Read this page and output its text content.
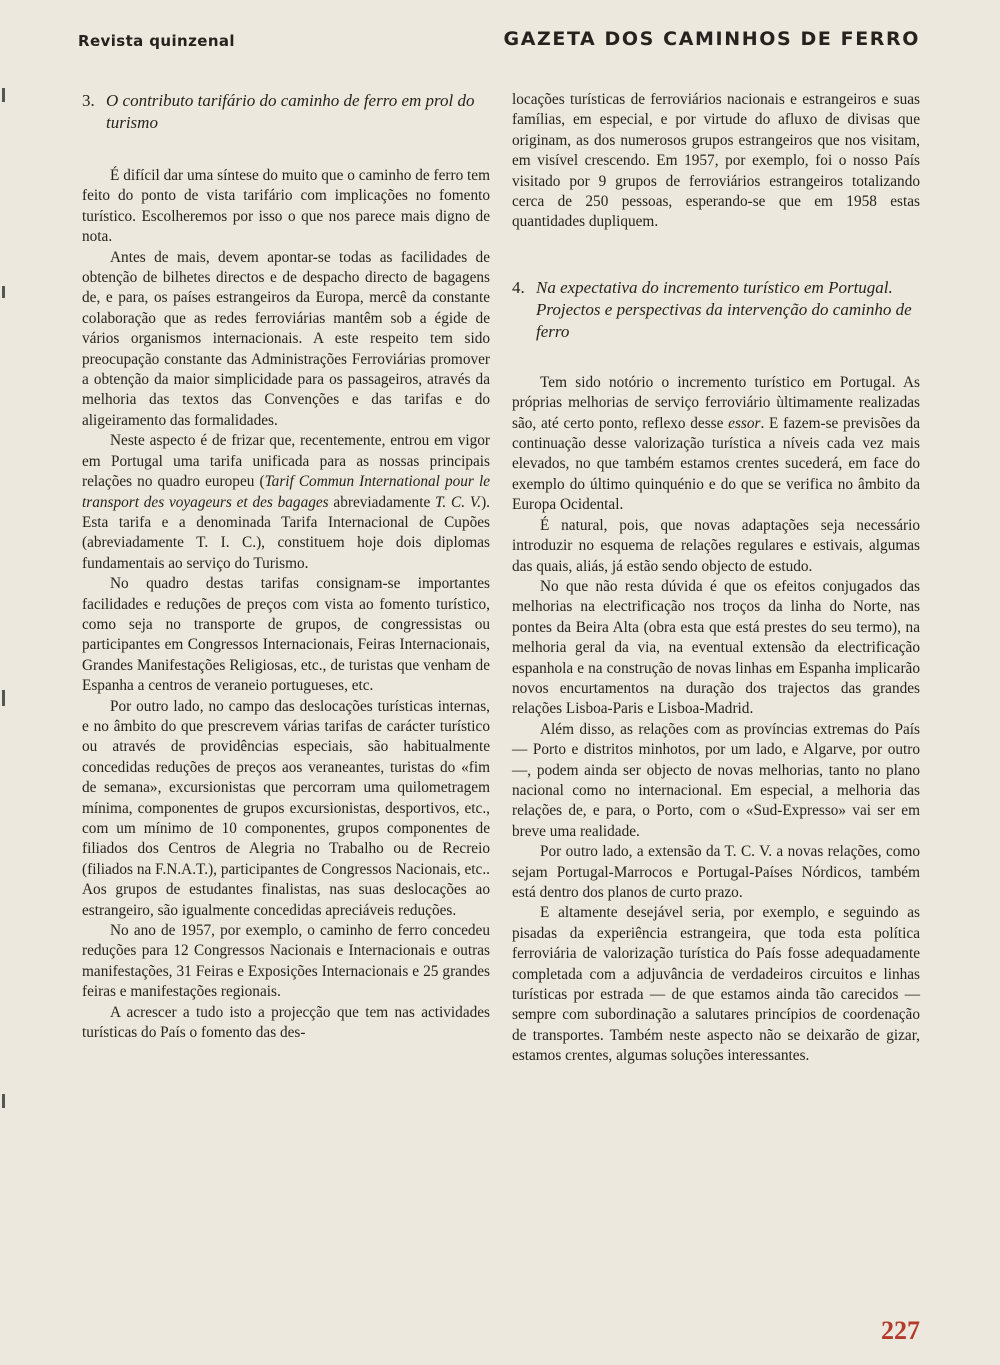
Revista quinzenal	GAZETA DOS CAMINHOS DE FERRO
3. O contributo tarifário do caminho de ferro em prol do turismo

É difícil dar uma síntese do muito que o caminho de ferro tem feito do ponto de vista tarifário com implicações no fomento turístico. Escolheremos por isso o que nos parece mais digno de nota.

Antes de mais, devem apontar-se todas as facilidades de obtenção de bilhetes directos e de despacho directo de bagagens de, e para, os países estrangeiros da Europa, mercê da constante colaboração que as redes ferroviárias mantêm sob a égide de vários organismos internacionais. A este respeito tem sido preocupação constante das Administrações Ferroviárias promover a obtenção da maior simplicidade para os passageiros, através da melhoria das textos das Convenções e das tarifas e do aligeiramento das formalidades.

Neste aspecto é de frizar que, recentemente, entrou em vigor em Portugal uma tarifa unificada para as nossas principais relações no quadro europeu (Tarif Commun International pour le transport des voyageurs et des bagages abreviadamente T. C. V.). Esta tarifa e a denominada Tarifa Internacional de Cupões (abreviadamente T. I. C.), constituem hoje dois diplomas fundamentais ao serviço do Turismo.

No quadro destas tarifas consignam-se importantes facilidades e reduções de preços com vista ao fomento turístico, como seja no transporte de grupos, de congressistas ou participantes em Congressos Internacionais, Feiras Internacionais, Grandes Manifestações Religiosas, etc., de turistas que venham de Espanha a centros de veraneio portugueses, etc.

Por outro lado, no campo das deslocações turísticas internas, e no âmbito do que prescrevem várias tarifas de carácter turístico ou através de providências especiais, são habitualmente concedidas reduções de preços aos veraneantes, turistas do «fim de semana», excursionistas que percorram uma quilometragem mínima, componentes de grupos excursionistas, desportivos, etc., com um mínimo de 10 componentes, grupos componentes de filiados dos Centros de Alegria no Trabalho ou de Recreio (filiados na F.N.A.T.), participantes de Congressos Nacionais, etc.. Aos grupos de estudantes finalistas, nas suas deslocações ao estrangeiro, são igualmente concedidas apreciáveis reduções.

No ano de 1957, por exemplo, o caminho de ferro concedeu reduções para 12 Congressos Nacionais e Internacionais e outras manifestações, 31 Feiras e Exposições Internacionais e 25 grandes feiras e manifestações regionais.

A acrescer a tudo isto a projecção que tem nas actividades turísticas do País o fomento das des-

locações turísticas de ferroviários nacionais e estrangeiros e suas famílias, em especial, e por virtude do afluxo de divisas que originam, as dos numerosos grupos estrangeiros que nos visitam, em visível crescendo. Em 1957, por exemplo, foi o nosso País visitado por 9 grupos de ferroviários estrangeiros totalizando cerca de 250 pessoas, esperando-se que em 1958 estas quantidades dupliquem.

4. Na expectativa do incremento turístico em Portugal. Projectos e perspectivas da intervenção do caminho de ferro

Tem sido notório o incremento turístico em Portugal. As próprias melhorias de serviço ferroviário ùltimamente realizadas são, até certo ponto, reflexo desse essor. E fazem-se previsões da continuação desse valorização turística a níveis cada vez mais elevados, no que também estamos crentes sucederá, em face do exemplo do último quinquénio e do que se verifica no âmbito da Europa Ocidental.

É natural, pois, que novas adaptações seja necessário introduzir no esquema de relações regulares e estivais, algumas das quais, aliás, já estão sendo objecto de estudo.

No que não resta dúvida é que os efeitos conjugados das melhorias na electrificação nos troços da linha do Norte, nas pontes da Beira Alta (obra esta que está prestes do seu termo), na melhoria geral da via, na eventual extensão da electrificação espanhola e na construção de novas linhas em Espanha implicarão novos encurtamentos na duração dos trajectos das grandes relações Lisboa-Paris e Lisboa-Madrid.

Além disso, as relações com as províncias extremas do País — Porto e distritos minhotos, por um lado, e Algarve, por outro —, podem ainda ser objecto de novas melhorias, tanto no plano nacional como no internacional. Em especial, a melhoria das relações de, e para, o Porto, com o «Sud-Expresso» vai ser em breve uma realidade.

Por outro lado, a extensão da T. C. V. a novas relações, como sejam Portugal-Marrocos e Portugal-Países Nórdicos, também está dentro dos planos de curto prazo.

E altamente desejável seria, por exemplo, e seguindo as pisadas da experiência estrangeira, que toda esta política ferroviária de valorização turística do País fosse adequadamente completada com a adjuvância de verdadeiros circuitos e linhas turísticas por estrada — de que estamos ainda tão carecidos — sempre com subordinação a salutares princípios de coordenação de transportes. Também neste aspecto não se deixarão de gizar, estamos crentes, algumas soluções interessantes.

227
